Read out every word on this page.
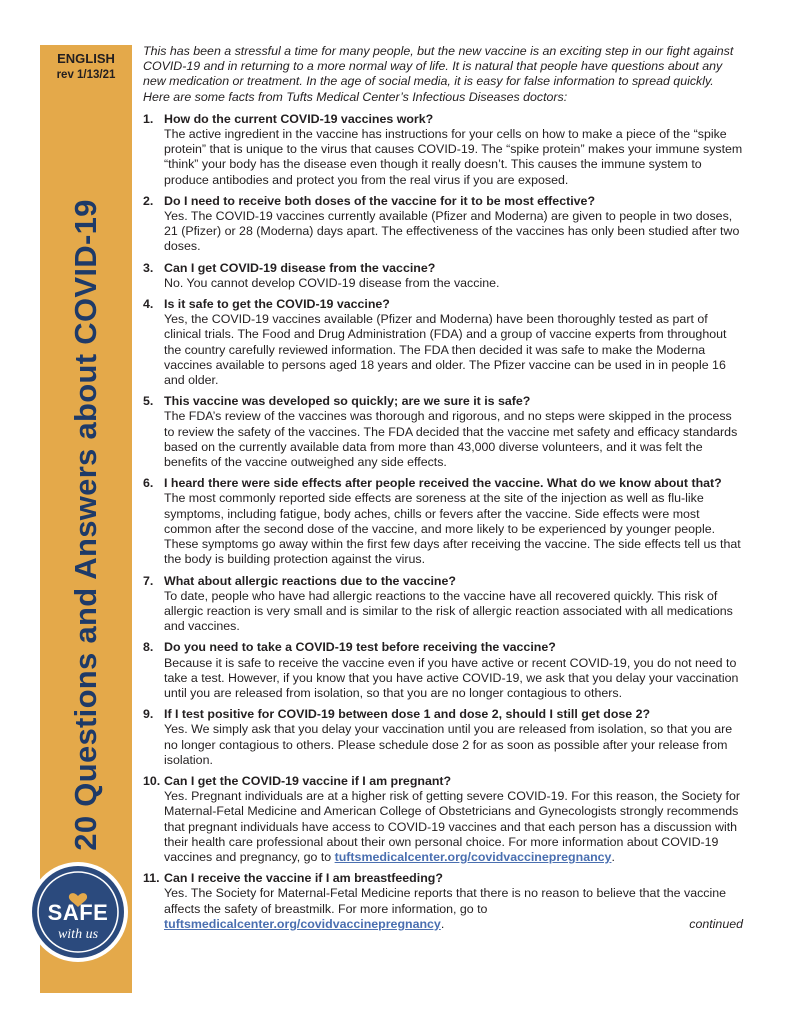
ENGLISH
rev 1/13/21
20 Questions and Answers about COVID-19
SAFE
with us

This has been a stressful a time for many people, but the new vaccine is an exciting step in our fight against COVID-19 and in returning to a more normal way of life. It is natural that people have questions about any new medication or treatment. In the age of social media, it is easy for false information to spread quickly. Here are some facts from Tufts Medical Center’s Infectious Diseases doctors:

1. How do the current COVID-19 vaccines work?
The active ingredient in the vaccine has instructions for your cells on how to make a piece of the “spike protein” that is unique to the virus that causes COVID-19. The “spike protein” makes your immune system “think” your body has the disease even though it really doesn’t. This causes the immune system to produce antibodies and protect you from the real virus if you are exposed.
2. Do I need to receive both doses of the vaccine for it to be most effective?
Yes. The COVID-19 vaccines currently available (Pfizer and Moderna) are given to people in two doses, 21 (Pfizer) or 28 (Moderna) days apart. The effectiveness of the vaccines has only been studied after two doses.
3. Can I get COVID-19 disease from the vaccine?
No. You cannot develop COVID-19 disease from the vaccine.
4. Is it safe to get the COVID-19 vaccine?
Yes, the COVID-19 vaccines available (Pfizer and Moderna) have been thoroughly tested as part of clinical trials. The Food and Drug Administration (FDA) and a group of vaccine experts from throughout the country carefully reviewed information. The FDA then decided it was safe to make the Moderna vaccines available to persons aged 18 years and older. The Pfizer vaccine can be used in in people 16 and older.
5. This vaccine was developed so quickly; are we sure it is safe?
The FDA’s review of the vaccines was thorough and rigorous, and no steps were skipped in the process to review the safety of the vaccines. The FDA decided that the vaccine met safety and efficacy standards based on the currently available data from more than 43,000 diverse volunteers, and it was felt the benefits of the vaccine outweighed any side effects.
6. I heard there were side effects after people received the vaccine. What do we know about that?
The most commonly reported side effects are soreness at the site of the injection as well as flu-like symptoms, including fatigue, body aches, chills or fevers after the vaccine. Side effects were most common after the second dose of the vaccine, and more likely to be experienced by younger people. These symptoms go away within the first few days after receiving the vaccine. The side effects tell us that the body is building protection against the virus.
7. What about allergic reactions due to the vaccine?
To date, people who have had allergic reactions to the vaccine have all recovered quickly. This risk of allergic reaction is very small and is similar to the risk of allergic reaction associated with all medications and vaccines.
8. Do you need to take a COVID-19 test before receiving the vaccine?
Because it is safe to receive the vaccine even if you have active or recent COVID-19, you do not need to take a test. However, if you know that you have active COVID-19, we ask that you delay your vaccination until you are released from isolation, so that you are no longer contagious to others.
9. If I test positive for COVID-19 between dose 1 and dose 2, should I still get dose 2?
Yes. We simply ask that you delay your vaccination until you are released from isolation, so that you are no longer contagious to others. Please schedule dose 2 for as soon as possible after your release from isolation.
10. Can I get the COVID-19 vaccine if I am pregnant?
Yes. Pregnant individuals are at a higher risk of getting severe COVID-19. For this reason, the Society for Maternal-Fetal Medicine and American College of Obstetricians and Gynecologists strongly recommends that pregnant individuals have access to COVID-19 vaccines and that each person has a discussion with their health care professional about their own personal choice. For more information about COVID-19 vaccines and pregnancy, go to tuftsmedicalcenter.org/covidvaccinepregnancy.
11. Can I receive the vaccine if I am breastfeeding?
Yes. The Society for Maternal-Fetal Medicine reports that there is no reason to believe that the vaccine affects the safety of breastmilk. For more information, go to tuftsmedicalcenter.org/covidvaccinepregnancy.	continued
